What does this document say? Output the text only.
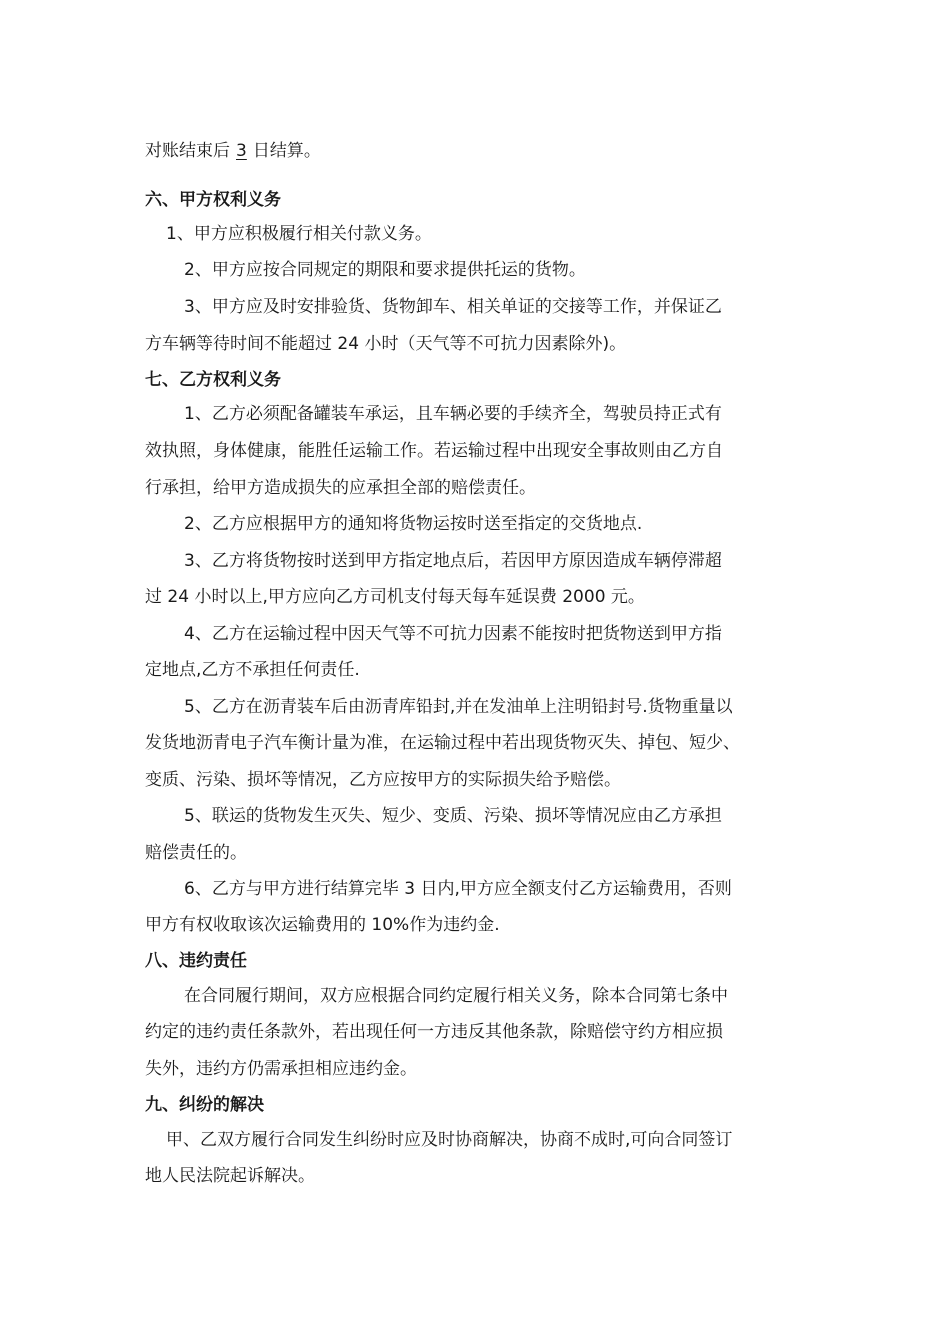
对账结束后 3 日结算。
六、甲方权利义务
1、甲方应积极履行相关付款义务。
2、甲方应按合同规定的期限和要求提供托运的货物。
3、甲方应及时安排验货、货物卸车、相关单证的交接等工作，并保证乙
方车辆等待时间不能超过 24 小时（天气等不可抗力因素除外)。
七、乙方权利义务
1、乙方必须配备罐装车承运，且车辆必要的手续齐全，驾驶员持正式有
效执照，身体健康，能胜任运输工作。若运输过程中出现安全事故则由乙方自
行承担，给甲方造成损失的应承担全部的赔偿责任。
2、乙方应根据甲方的通知将货物运按时送至指定的交货地点.
3、乙方将货物按时送到甲方指定地点后，若因甲方原因造成车辆停滞超
过 24 小时以上,甲方应向乙方司机支付每天每车延误费 2000 元。
4、乙方在运输过程中因天气等不可抗力因素不能按时把货物送到甲方指
定地点,乙方不承担任何责任.
5、乙方在沥青装车后由沥青库铅封,并在发油单上注明铅封号.货物重量以
发货地沥青电子汽车衡计量为准，在运输过程中若出现货物灭失、掉包、短少、
变质、污染、损坏等情况，乙方应按甲方的实际损失给予赔偿。
5、联运的货物发生灭失、短少、变质、污染、损坏等情况应由乙方承担
赔偿责任的。
6、乙方与甲方进行结算完毕 3 日内,甲方应全额支付乙方运输费用，否则
甲方有权收取该次运输费用的 10%作为违约金.
八、违约责任
在合同履行期间，双方应根据合同约定履行相关义务，除本合同第七条中
约定的违约责任条款外，若出现任何一方违反其他条款，除赔偿守约方相应损
失外，违约方仍需承担相应违约金。
九、纠纷的解决
甲、乙双方履行合同发生纠纷时应及时协商解决，协商不成时,可向合同签订
地人民法院起诉解决。
